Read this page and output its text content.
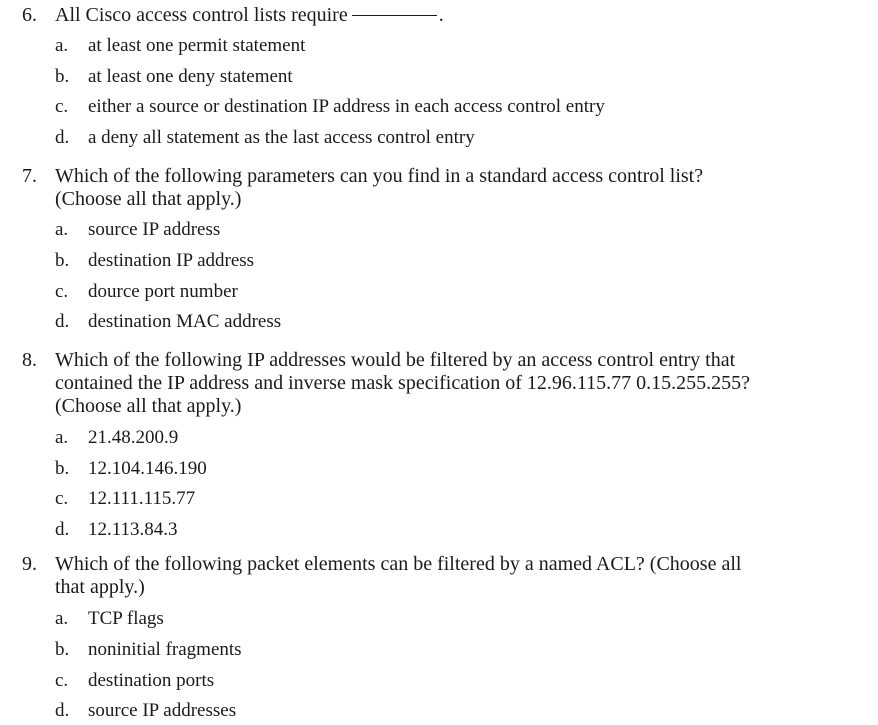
6. All Cisco access control lists require	.
a. at least one permit statement
b. at least one deny statement
c. either a source or destination IP address in each access control entry
d. a deny all statement as the last access control entry
7. Which of the following parameters can you find in a standard access control list?
(Choose all that apply.)
a. source IP address
b. destination IP address
c. dource port number
d. destination MAC address
8. Which of the following IP addresses would be filtered by an access control entry that
contained the IP address and inverse mask specification of 12.96.115.77 0.15.255.255?
(Choose all that apply.)
a. 21.48.200.9
b. 12.104.146.190
c. 12.111.115.77
d. 12.113.84.3
9. Which of the following packet elements can be filtered by a named ACL? (Choose all
that apply.)
a. TCP flags
b. noninitial fragments
c. destination ports
d. source IP addresses
